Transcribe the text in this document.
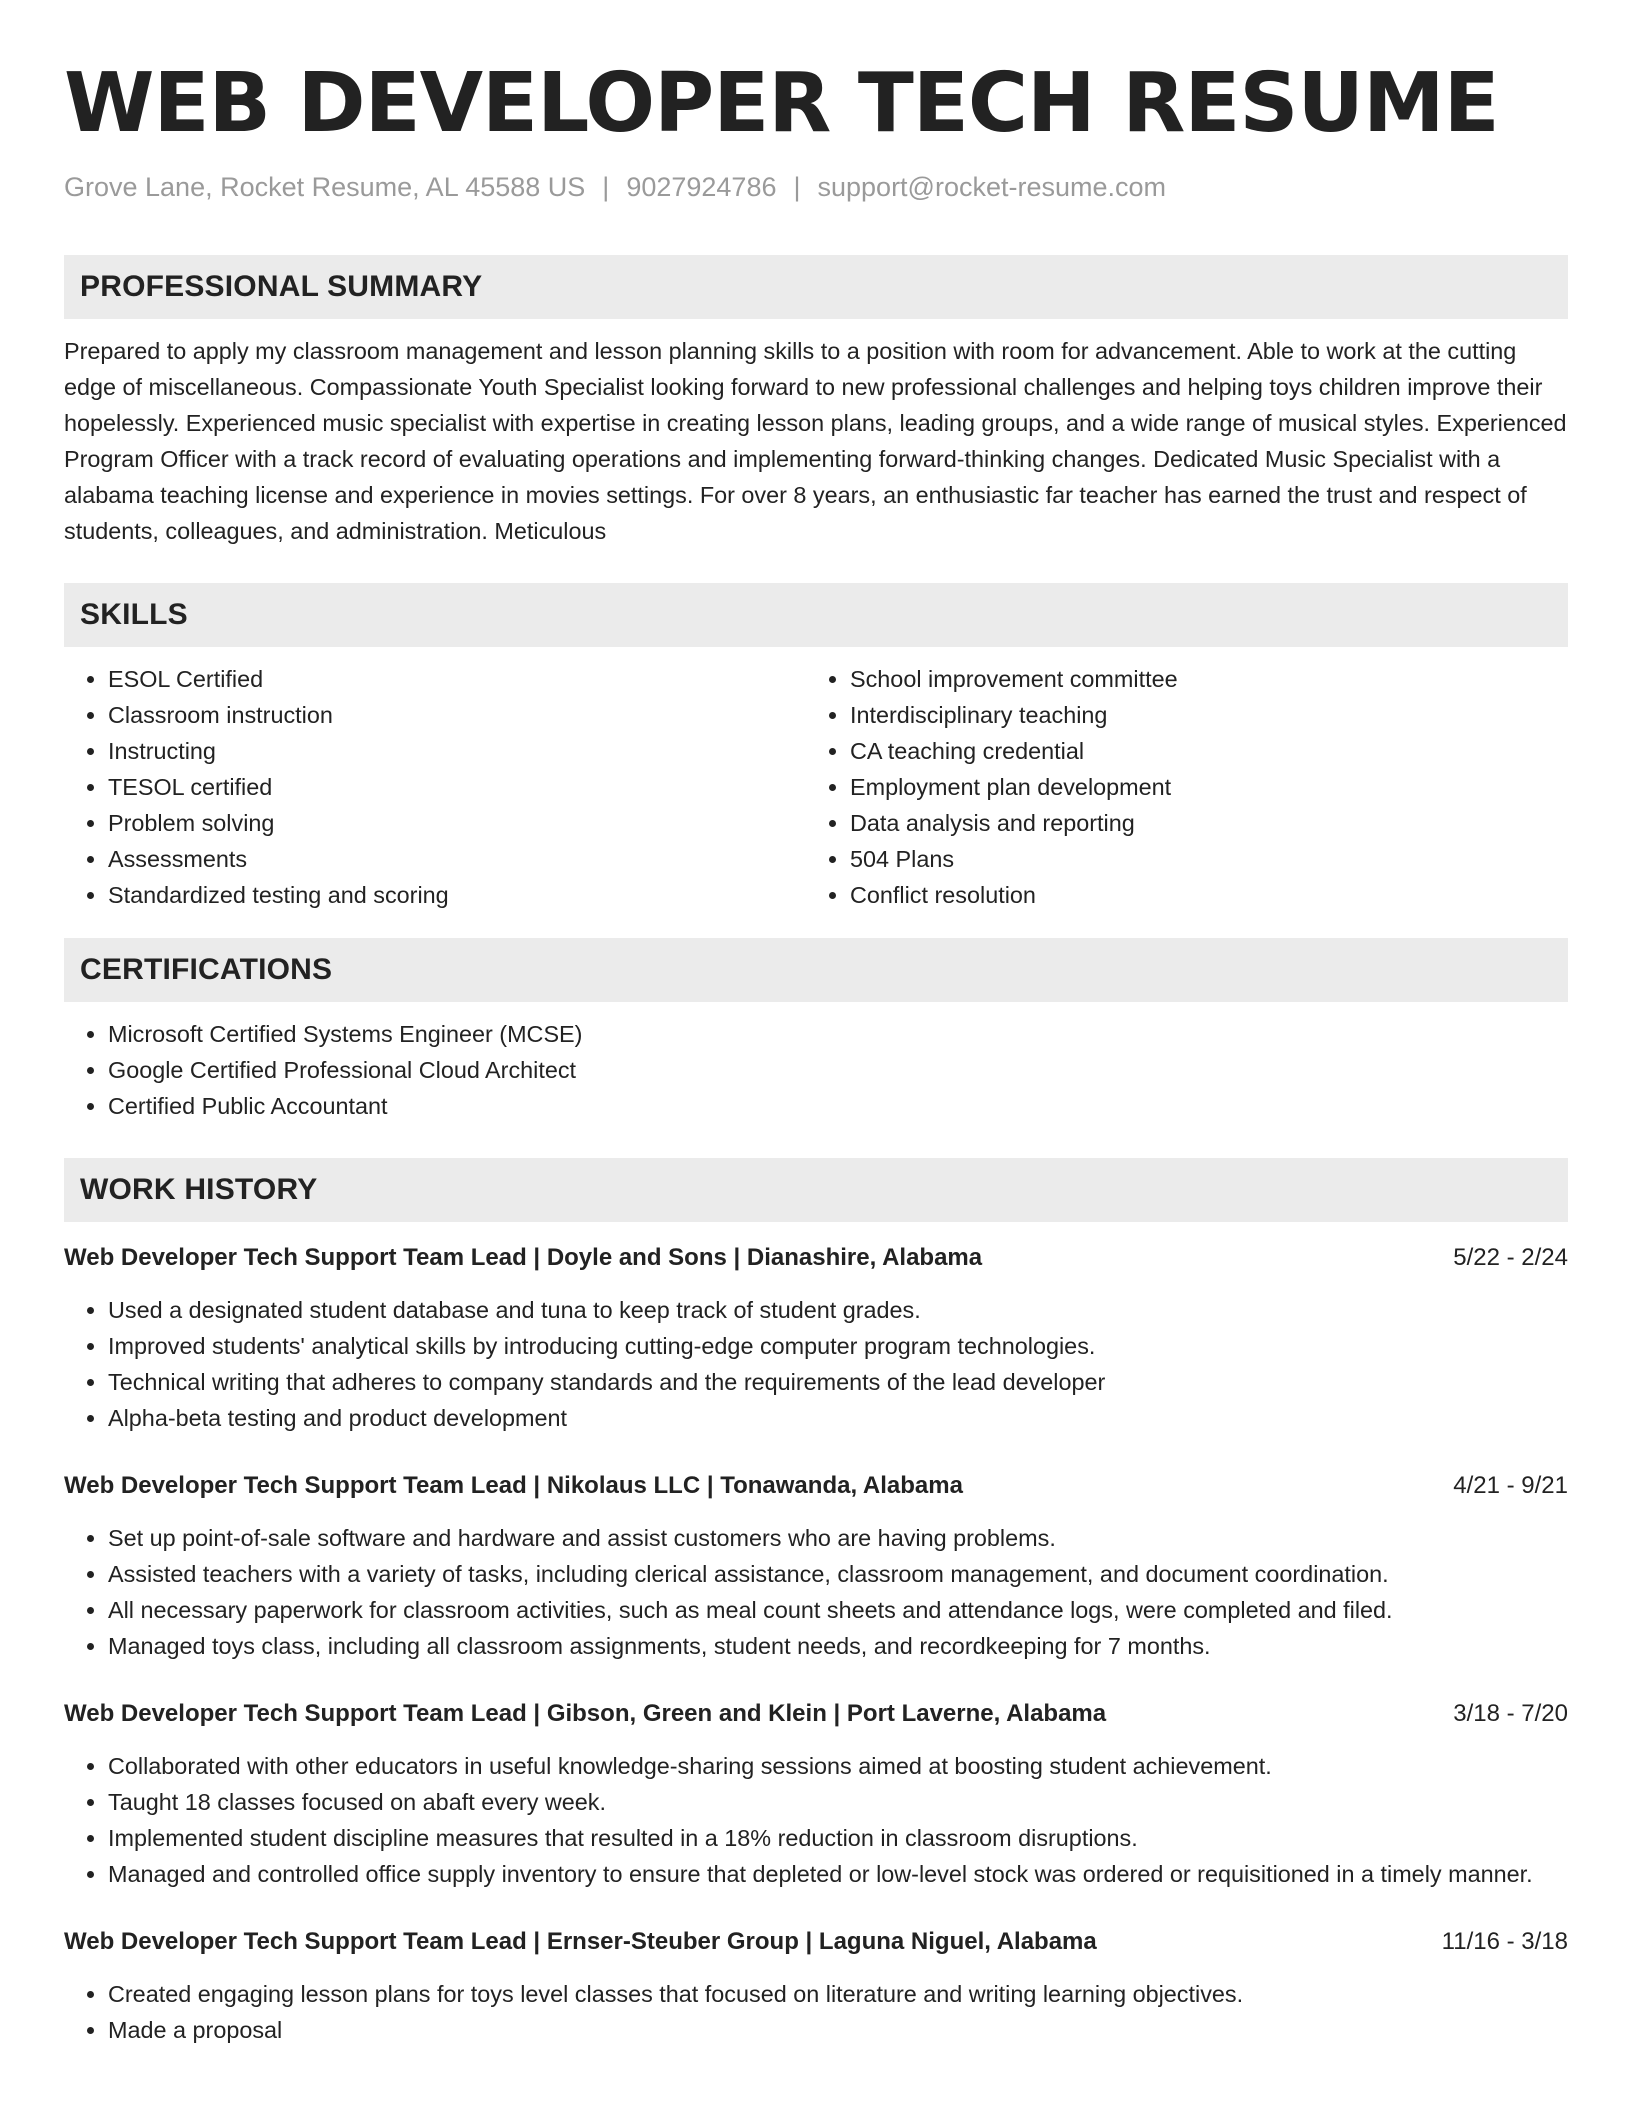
WEB DEVELOPER TECH RESUME
Grove Lane, Rocket Resume, AL 45588 US | 9027924786 | support@rocket-resume.com
PROFESSIONAL SUMMARY
Prepared to apply my classroom management and lesson planning skills to a position with room for advancement. Able to work at the cutting edge of miscellaneous. Compassionate Youth Specialist looking forward to new professional challenges and helping toys children improve their hopelessly. Experienced music specialist with expertise in creating lesson plans, leading groups, and a wide range of musical styles. Experienced Program Officer with a track record of evaluating operations and implementing forward-thinking changes. Dedicated Music Specialist with a alabama teaching license and experience in movies settings. For over 8 years, an enthusiastic far teacher has earned the trust and respect of students, colleagues, and administration. Meticulous
SKILLS
• ESOL Certified
• Classroom instruction
• Instructing
• TESOL certified
• Problem solving
• Assessments
• Standardized testing and scoring
• School improvement committee
• Interdisciplinary teaching
• CA teaching credential
• Employment plan development
• Data analysis and reporting
• 504 Plans
• Conflict resolution
CERTIFICATIONS
• Microsoft Certified Systems Engineer (MCSE)
• Google Certified Professional Cloud Architect
• Certified Public Accountant
WORK HISTORY
Web Developer Tech Support Team Lead | Doyle and Sons | Dianashire, Alabama	5/22 - 2/24
• Used a designated student database and tuna to keep track of student grades.
• Improved students' analytical skills by introducing cutting-edge computer program technologies.
• Technical writing that adheres to company standards and the requirements of the lead developer
• Alpha-beta testing and product development
Web Developer Tech Support Team Lead | Nikolaus LLC | Tonawanda, Alabama	4/21 - 9/21
• Set up point-of-sale software and hardware and assist customers who are having problems.
• Assisted teachers with a variety of tasks, including clerical assistance, classroom management, and document coordination.
• All necessary paperwork for classroom activities, such as meal count sheets and attendance logs, were completed and filed.
• Managed toys class, including all classroom assignments, student needs, and recordkeeping for 7 months.
Web Developer Tech Support Team Lead | Gibson, Green and Klein | Port Laverne, Alabama	3/18 - 7/20
• Collaborated with other educators in useful knowledge-sharing sessions aimed at boosting student achievement.
• Taught 18 classes focused on abaft every week.
• Implemented student discipline measures that resulted in a 18% reduction in classroom disruptions.
• Managed and controlled office supply inventory to ensure that depleted or low-level stock was ordered or requisitioned in a timely manner.
Web Developer Tech Support Team Lead | Ernser-Steuber Group | Laguna Niguel, Alabama	11/16 - 3/18
• Created engaging lesson plans for toys level classes that focused on literature and writing learning objectives.
• Made a proposal
